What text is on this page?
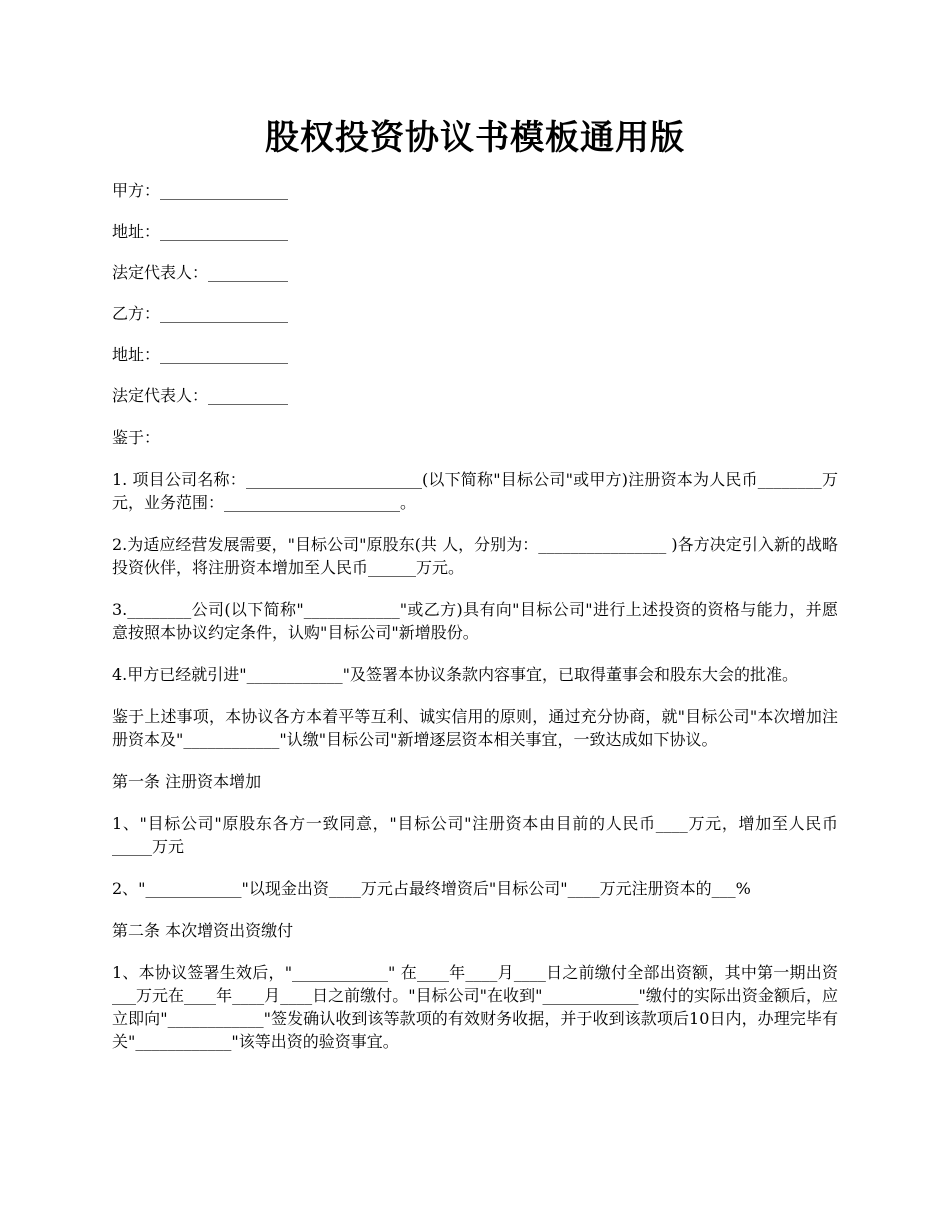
股权投资协议书模板通用版

甲方：________________

地址：________________

法定代表人：__________

乙方：________________

地址：________________

法定代表人：__________

鉴于：

1. 项目公司名称：______________________(以下简称"目标公司"或甲方)注册资本为人民币________万元，业务范围：______________________。

2.为适应经营发展需要，"目标公司"原股东(共 人，分别为：________________ )各方决定引入新的战略投资伙伴，将注册资本增加至人民币______万元。

3.________公司(以下简称"____________"或乙方)具有向"目标公司"进行上述投资的资格与能力，并愿意按照本协议约定条件，认购"目标公司"新增股份。

4.甲方已经就引进"____________"及签署本协议条款内容事宜，已取得董事会和股东大会的批准。

鉴于上述事项，本协议各方本着平等互利、诚实信用的原则，通过充分协商，就"目标公司"本次增加注册资本及"____________"认缴"目标公司"新增逐层资本相关事宜，一致达成如下协议。

第一条 注册资本增加

1、"目标公司"原股东各方一致同意，"目标公司"注册资本由目前的人民币____万元，增加至人民币_____万元

2、"____________"以现金出资____万元占最终增资后"目标公司"____万元注册资本的___%

第二条 本次增资出资缴付

1、本协议签署生效后，"____________" 在____年____月____日之前缴付全部出资额，其中第一期出资___万元在____年____月____日之前缴付。"目标公司"在收到"____________"缴付的实际出资金额后，应立即向"____________"签发确认收到该等款项的有效财务收据，并于收到该款项后10日内，办理完毕有关"____________"该等出资的验资事宜。
